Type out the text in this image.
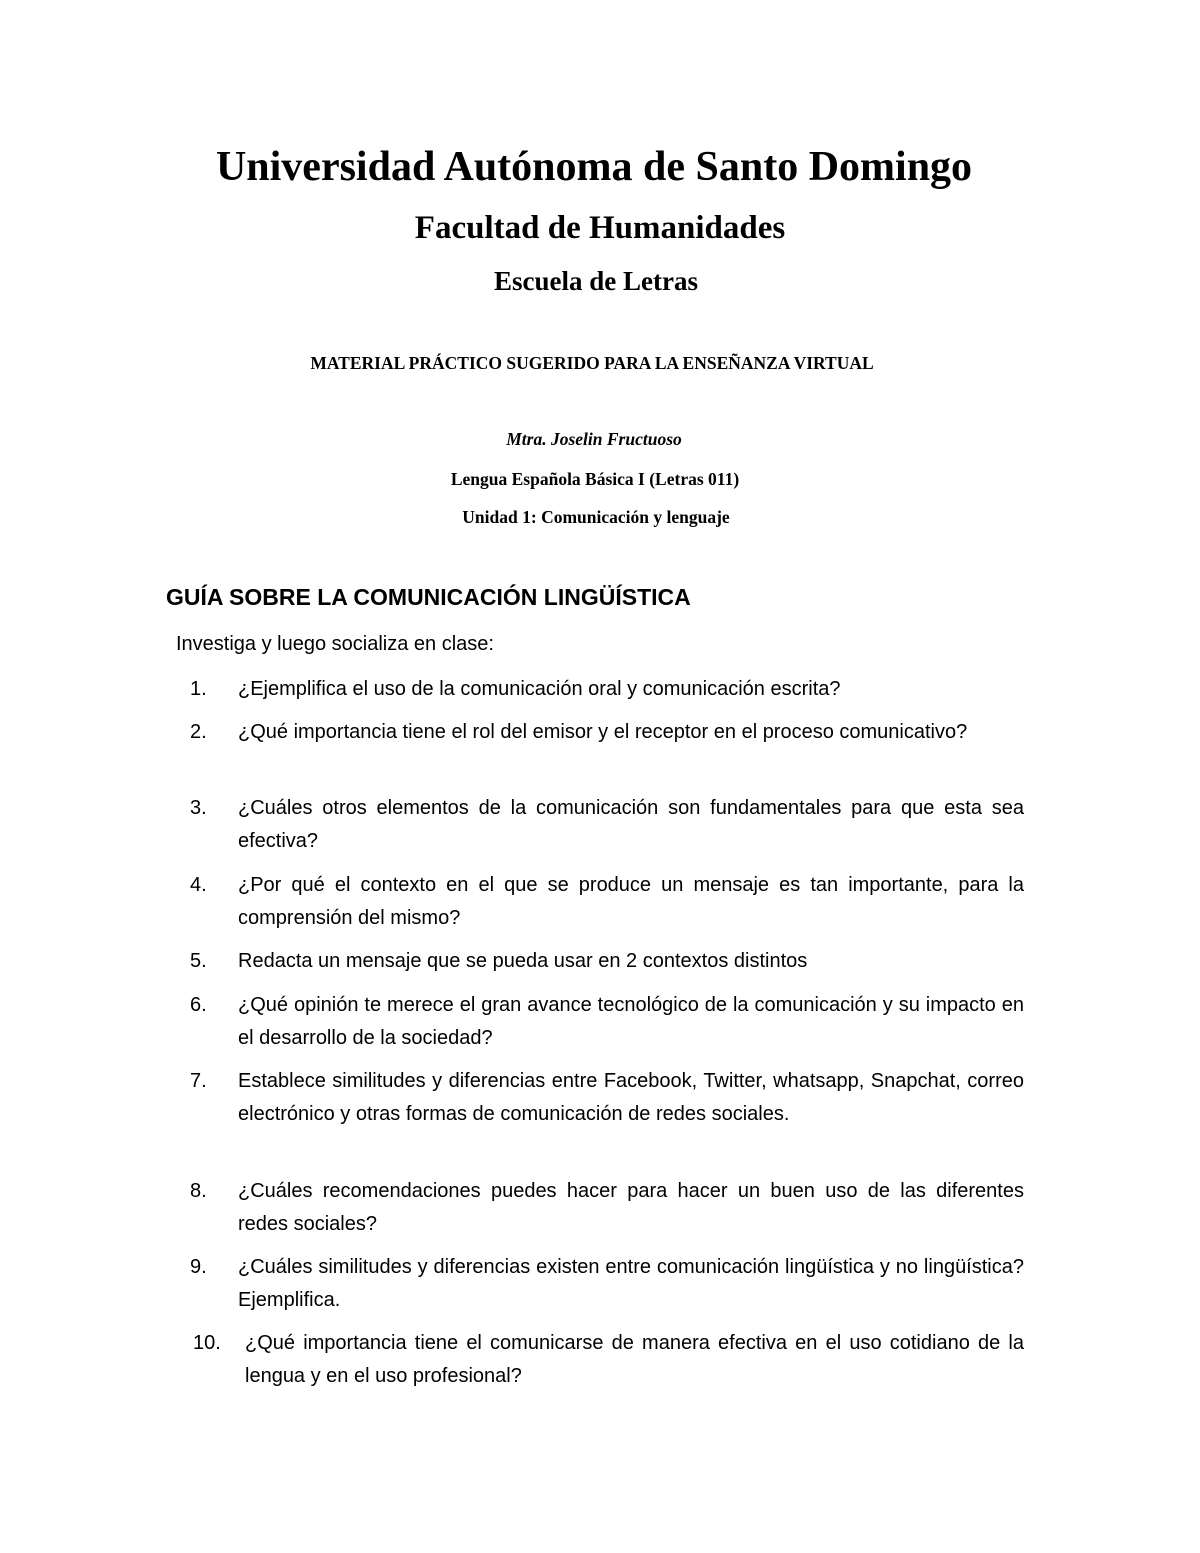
Universidad Autónoma de Santo Domingo
Facultad de Humanidades
Escuela de Letras

MATERIAL PRÁCTICO SUGERIDO PARA LA ENSEÑANZA VIRTUAL

Mtra. Joselin Fructuoso

Lengua Española Básica I (Letras 011)

Unidad 1: Comunicación y lenguaje

GUÍA SOBRE LA COMUNICACIÓN LINGÜÍSTICA

Investiga y luego socializa en clase:

1.	¿Ejemplifica el uso de la comunicación oral y comunicación escrita?
2.	¿Qué importancia tiene el rol del emisor y el receptor en el proceso comunicativo?
3.	¿Cuáles otros elementos de la comunicación son fundamentales para que esta sea efectiva?
4.	¿Por qué el contexto en el que se produce un mensaje es tan importante, para la comprensión del mismo?
5.	Redacta un mensaje que se pueda usar en 2 contextos distintos
6.	¿Qué opinión te merece el gran avance tecnológico de la comunicación y su impacto en el desarrollo de la sociedad?
7.	Establece similitudes y diferencias entre Facebook, Twitter, whatsapp, Snapchat, correo electrónico y otras formas de comunicación de redes sociales.
8.	¿Cuáles recomendaciones puedes hacer para hacer un buen uso de las diferentes redes sociales?
9.	¿Cuáles similitudes y diferencias existen entre comunicación lingüística y no lingüística? Ejemplifica.
10.	¿Qué importancia tiene el comunicarse de manera efectiva en el uso cotidiano de la lengua y en el uso profesional?
